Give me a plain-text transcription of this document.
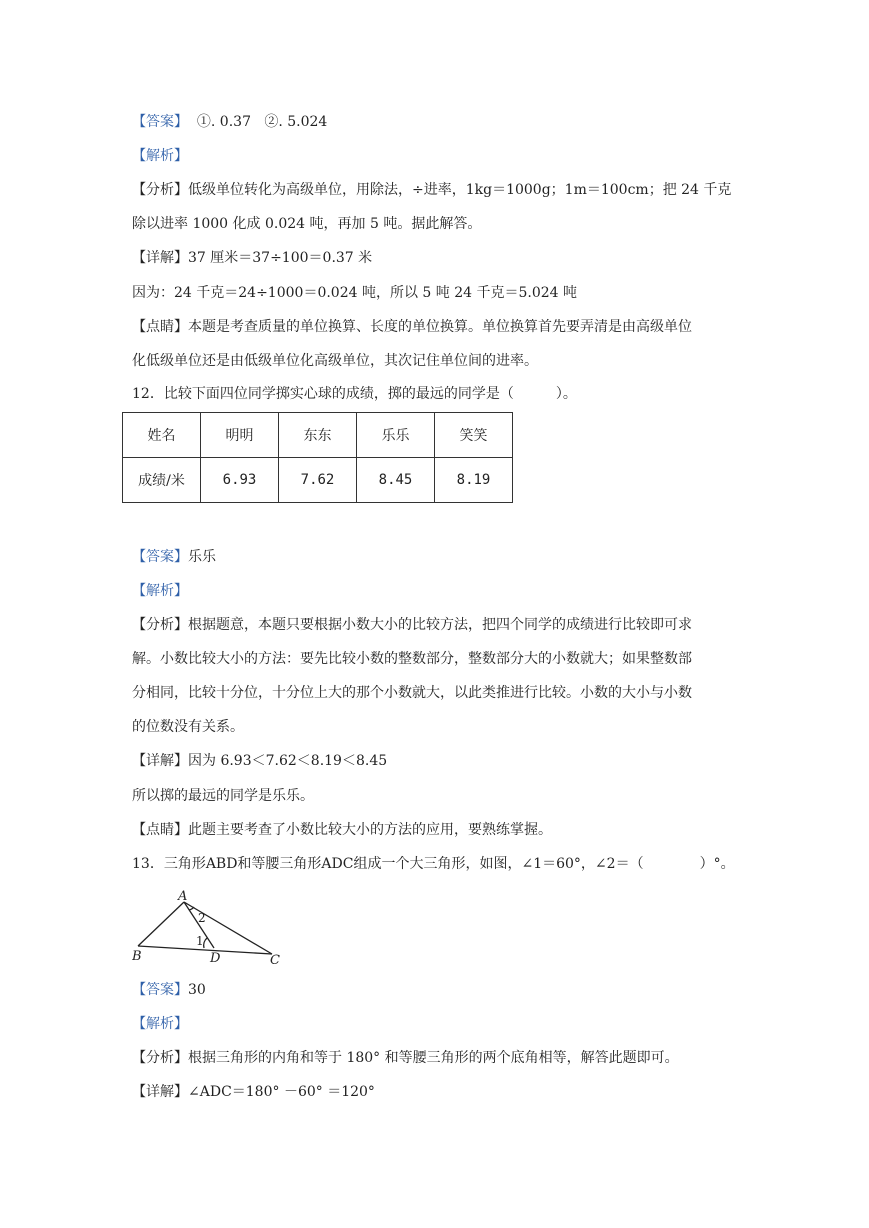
【答案】  ①. 0.37   ②. 5.024
【解析】
【分析】低级单位转化为高级单位，用除法，÷进率，1kg＝1000g；1m＝100cm；把 24 千克
除以进率 1000 化成 0.024 吨，再加 5 吨。据此解答。
【详解】37 厘米＝37÷100＝0.37 米
因为：24 千克＝24÷1000＝0.024 吨，所以 5 吨 24 千克＝5.024 吨
【点睛】本题是考查质量的单位换算、长度的单位换算。单位换算首先要弄清是由高级单位
化低级单位还是由低级单位化高级单位，其次记住单位间的进率。
12．比较下面四位同学掷实心球的成绩，掷的最远的同学是（　　　）。
姓名	明明	东东	乐乐	笑笑
成绩/米	6.93	7.62	8.45	8.19
【答案】乐乐
【解析】
【分析】根据题意，本题只要根据小数大小的比较方法，把四个同学的成绩进行比较即可求
解。小数比较大小的方法：要先比较小数的整数部分，整数部分大的小数就大；如果整数部
分相同，比较十分位，十分位上大的那个小数就大，以此类推进行比较。小数的大小与小数
的位数没有关系。
【详解】因为 6.93＜7.62＜8.19＜8.45
所以掷的最远的同学是乐乐。
【点睛】此题主要考查了小数比较大小的方法的应用，要熟练掌握。
13．三角形ABD和等腰三角形ADC组成一个大三角形，如图，∠1＝60°，∠2＝（　　　　）°。
A
B	D	C
1
2
【答案】30
【解析】
【分析】根据三角形的内角和等于 180° 和等腰三角形的两个底角相等，解答此题即可。
【详解】∠ADC＝180° －60° ＝120°
